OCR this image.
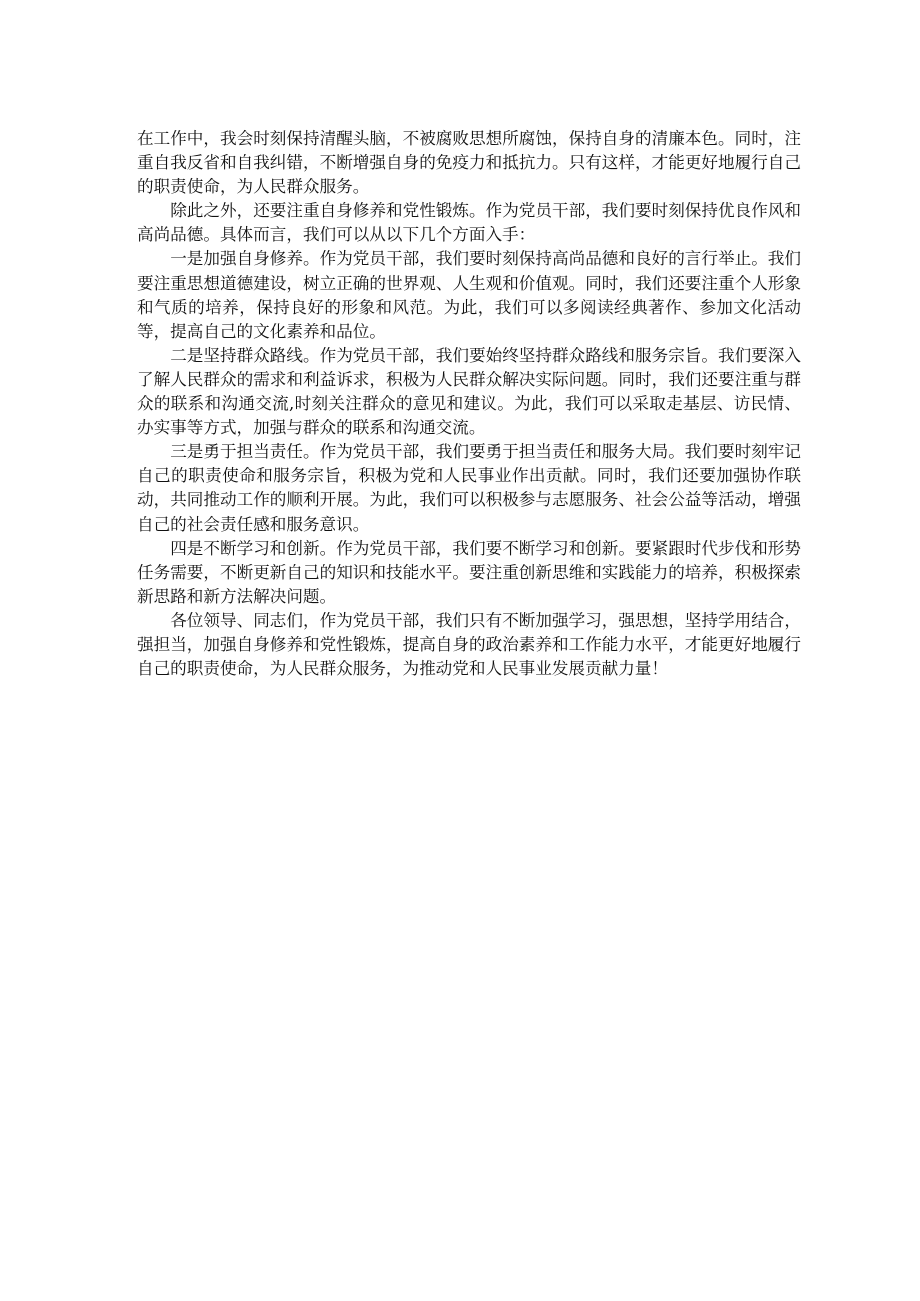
在工作中，我会时刻保持清醒头脑，不被腐败思想所腐蚀，保持自身的清廉本色。同时，注重自我反省和自我纠错，不断增强自身的免疫力和抵抗力。只有这样，才能更好地履行自己的职责使命，为人民群众服务。

除此之外，还要注重自身修养和党性锻炼。作为党员干部，我们要时刻保持优良作风和高尚品德。具体而言，我们可以从以下几个方面入手：

一是加强自身修养。作为党员干部，我们要时刻保持高尚品德和良好的言行举止。我们要注重思想道德建设，树立正确的世界观、人生观和价值观。同时，我们还要注重个人形象和气质的培养，保持良好的形象和风范。为此，我们可以多阅读经典著作、参加文化活动等，提高自己的文化素养和品位。

二是坚持群众路线。作为党员干部，我们要始终坚持群众路线和服务宗旨。我们要深入了解人民群众的需求和利益诉求，积极为人民群众解决实际问题。同时，我们还要注重与群众的联系和沟通交流,时刻关注群众的意见和建议。为此，我们可以采取走基层、访民情、办实事等方式，加强与群众的联系和沟通交流。

三是勇于担当责任。作为党员干部，我们要勇于担当责任和服务大局。我们要时刻牢记自己的职责使命和服务宗旨，积极为党和人民事业作出贡献。同时，我们还要加强协作联动，共同推动工作的顺利开展。为此，我们可以积极参与志愿服务、社会公益等活动，增强自己的社会责任感和服务意识。

四是不断学习和创新。作为党员干部，我们要不断学习和创新。要紧跟时代步伐和形势任务需要，不断更新自己的知识和技能水平。要注重创新思维和实践能力的培养，积极探索新思路和新方法解决问题。

各位领导、同志们，作为党员干部，我们只有不断加强学习，强思想，坚持学用结合，强担当，加强自身修养和党性锻炼，提高自身的政治素养和工作能力水平，才能更好地履行自己的职责使命，为人民群众服务，为推动党和人民事业发展贡献力量！
